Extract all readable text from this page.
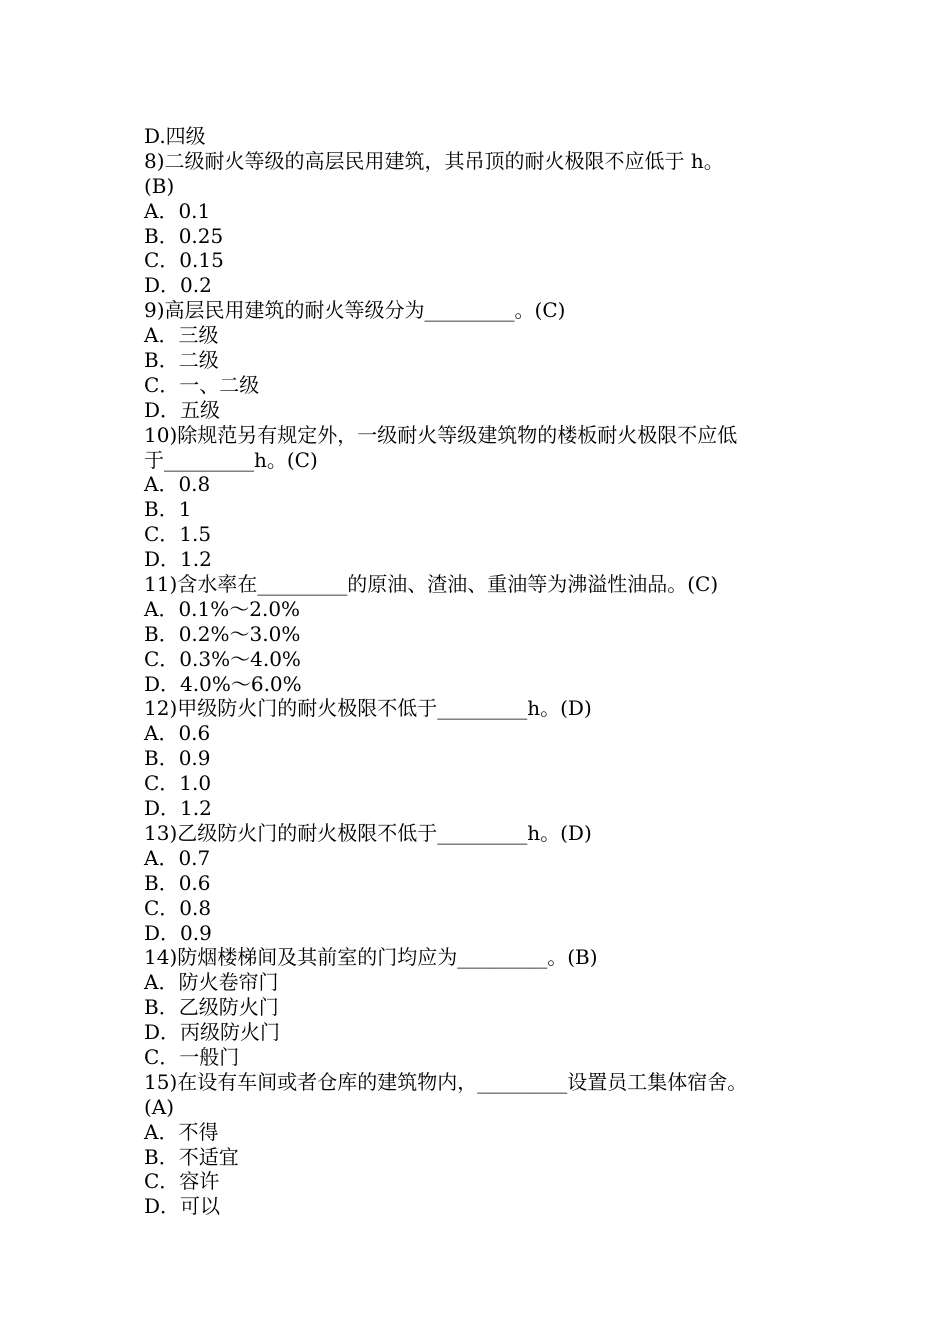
D.四级
8)二级耐火等级的高层民用建筑，其吊顶的耐火极限不应低于 h。
(B)
A．0.1
B．0.25
C．0.15
D．0.2
9)高层民用建筑的耐火等级分为_________。(C)
A．三级
B．二级
C．一、二级
D．五级
10)除规范另有规定外，一级耐火等级建筑物的楼板耐火极限不应低
于_________h。(C)
A．0.8
B．1
C．1.5
D．1.2
11)含水率在_________的原油、渣油、重油等为沸溢性油品。(C)
A．0.1%～2.0%
B．0.2%～3.0%
C．0.3%～4.0%
D．4.0%～6.0%
12)甲级防火门的耐火极限不低于_________h。(D)
A．0.6
B．0.9
C．1.0
D．1.2
13)乙级防火门的耐火极限不低于_________h。(D)
A．0.7
B．0.6
C．0.8
D．0.9
14)防烟楼梯间及其前室的门均应为_________。(B)
A．防火卷帘门
B．乙级防火门
D．丙级防火门
C．一般门
15)在设有车间或者仓库的建筑物内，_________设置员工集体宿舍。
(A)
A．不得
B．不适宜
C．容许
D．可以
